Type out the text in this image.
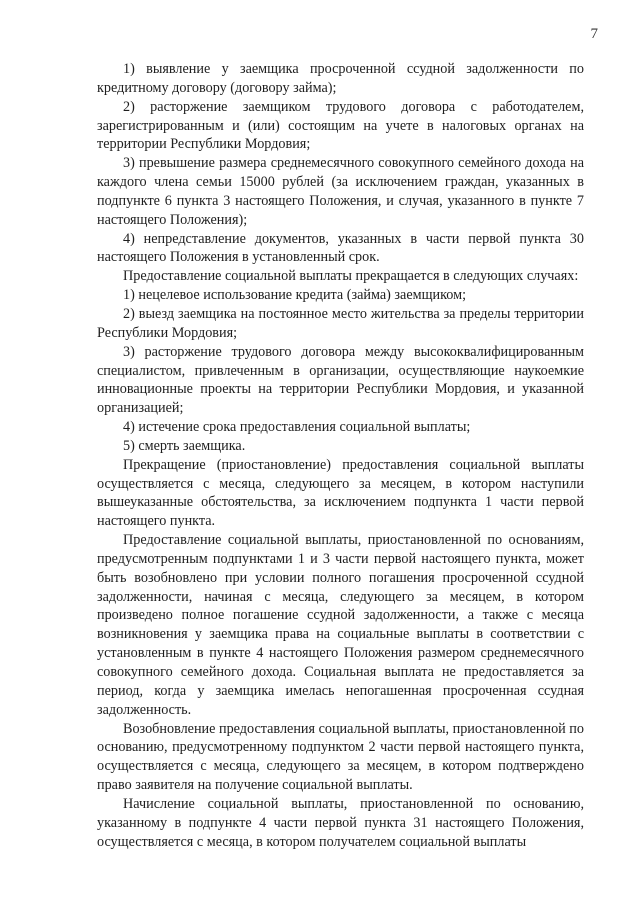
7

1) выявление у заемщика просроченной ссудной задолженности по кредитному договору (договору займа);

2) расторжение заемщиком трудового договора с работодателем, зарегистрированным и (или) состоящим на учете в налоговых органах на территории Республики Мордовия;

3) превышение размера среднемесячного совокупного семейного дохода на каждого члена семьи 15000 рублей (за исключением граждан, указанных в подпункте 6 пункта 3 настоящего Положения, и случая, указанного в пункте 7 настоящего Положения);

4) непредставление документов, указанных в части первой пункта 30 настоящего Положения в установленный срок.

Предоставление социальной выплаты прекращается в следующих случаях:

1) нецелевое использование кредита (займа) заемщиком;

2) выезд заемщика на постоянное место жительства за пределы территории Республики Мордовия;

3) расторжение трудового договора между высококвалифицированным специалистом, привлеченным в организации, осуществляющие наукоемкие инновационные проекты на территории Республики Мордовия, и указанной организацией;

4) истечение срока предоставления социальной выплаты;

5) смерть заемщика.

Прекращение (приостановление) предоставления социальной выплаты осуществляется с месяца, следующего за месяцем, в котором наступили вышеуказанные обстоятельства, за исключением подпункта 1 части первой настоящего пункта.

Предоставление социальной выплаты, приостановленной по основаниям, предусмотренным подпунктами 1 и 3 части первой настоящего пункта, может быть возобновлено при условии полного погашения просроченной ссудной задолженности, начиная с месяца, следующего за месяцем, в котором произведено полное погашение ссудной задолженности, а также с месяца возникновения у заемщика права на социальные выплаты в соответствии с установленным в пункте 4 настоящего Положения размером среднемесячного совокупного семейного дохода. Социальная выплата не предоставляется за период, когда у заемщика имелась непогашенная просроченная ссудная задолженность.

Возобновление предоставления социальной выплаты, приостановленной по основанию, предусмотренному подпунктом 2 части первой настоящего пункта, осуществляется с месяца, следующего за месяцем, в котором подтверждено право заявителя на получение социальной выплаты.

Начисление социальной выплаты, приостановленной по основанию, указанному в подпункте 4 части первой пункта 31 настоящего Положения, осуществляется с месяца, в котором получателем социальной выплаты
